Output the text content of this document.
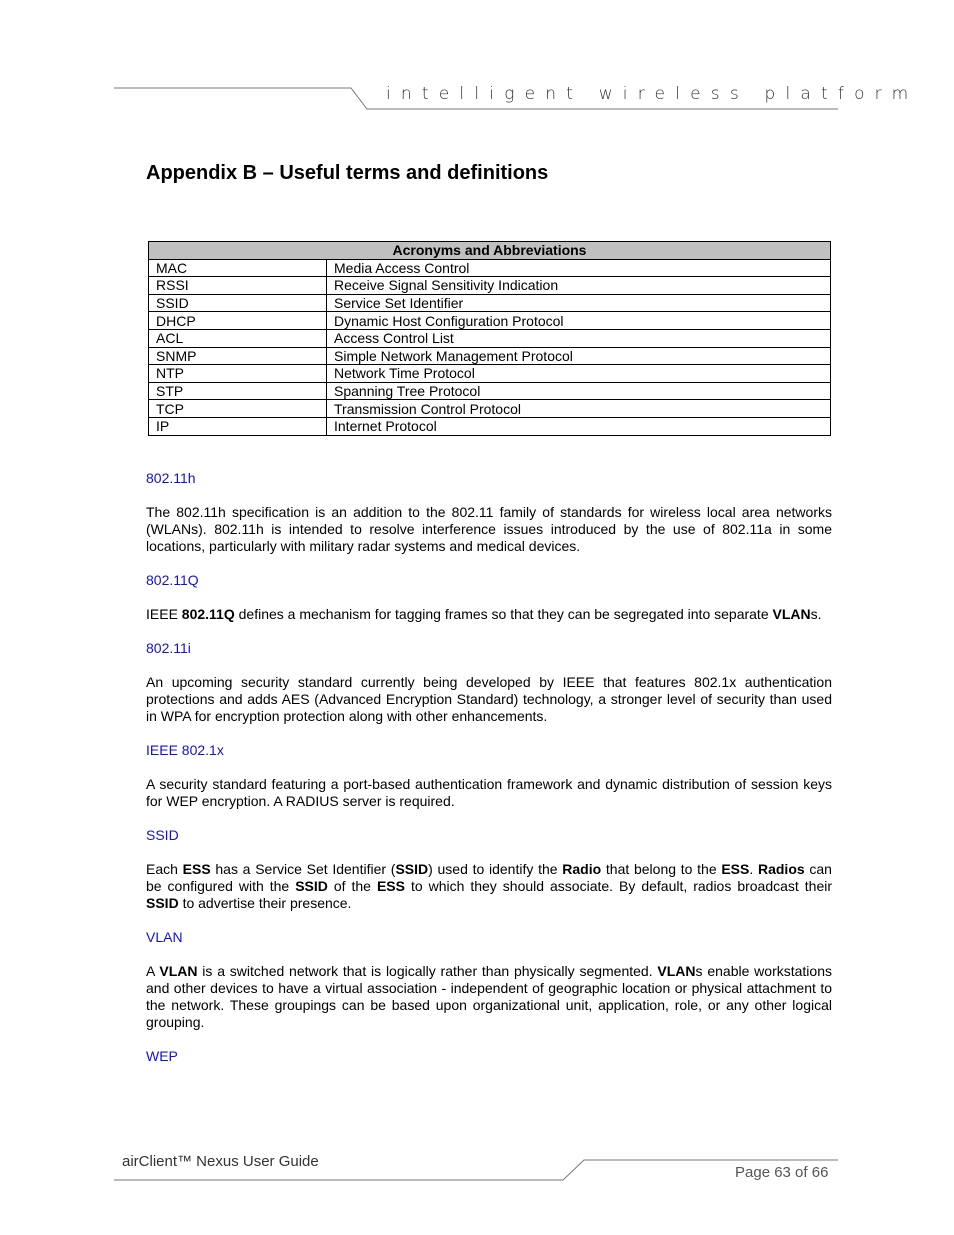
intelligent wireless platform
Appendix B – Useful terms and definitions
Acronyms and Abbreviations	
MAC	Media Access Control
RSSI	Receive Signal Sensitivity Indication
SSID	Service Set Identifier
DHCP	Dynamic Host Configuration Protocol
ACL	Access Control List
SNMP	Simple Network Management Protocol
NTP	Network Time Protocol
STP	Spanning Tree Protocol
TCP	Transmission Control Protocol
IP	Internet Protocol
802.11h

The 802.11h specification is an addition to the 802.11 family of standards for wireless local area networks (WLANs). 802.11h is intended to resolve interference issues introduced by the use of 802.11a in some locations, particularly with military radar systems and medical devices.

802.11Q

IEEE 802.11Q defines a mechanism for tagging frames so that they can be segregated into separate VLANs.

802.11i

An upcoming security standard currently being developed by IEEE that features 802.1x authentication protections and adds AES (Advanced Encryption Standard) technology, a stronger level of security than used in WPA for encryption protection along with other enhancements.

IEEE 802.1x

A security standard featuring a port-based authentication framework and dynamic distribution of session keys for WEP encryption. A RADIUS server is required.

SSID

Each ESS has a Service Set Identifier (SSID) used to identify the Radio that belong to the ESS. Radios can be configured with the SSID of the ESS to which they should associate. By default, radios broadcast their SSID to advertise their presence.

VLAN

A VLAN is a switched network that is logically rather than physically segmented. VLANs enable workstations and other devices to have a virtual association - independent of geographic location or physical attachment to the network. These groupings can be based upon organizational unit, application, role, or any other logical grouping.

WEP
airClient™ Nexus User Guide
Page 63 of 66
